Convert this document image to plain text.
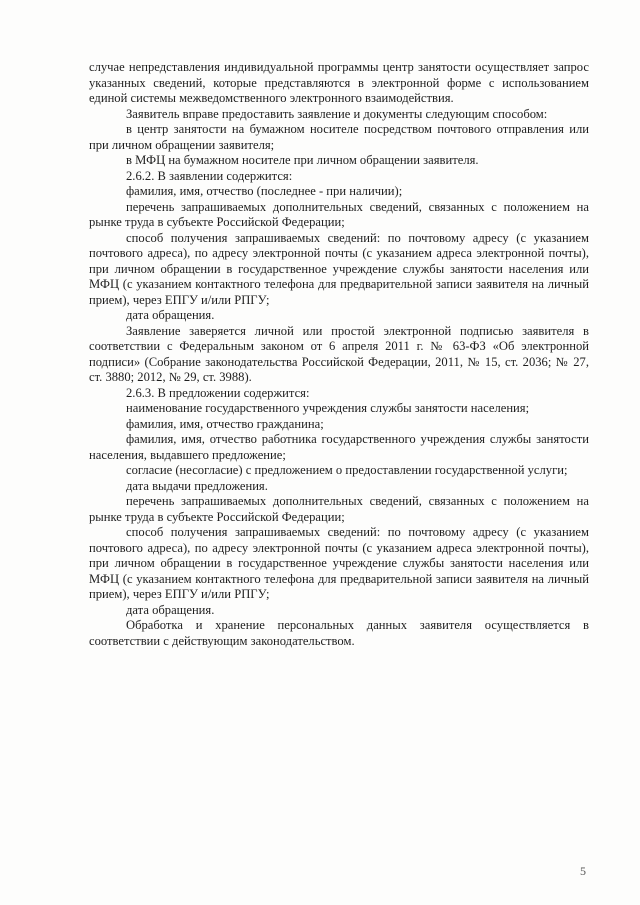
случае непредставления индивидуальной программы центр занятости осуществляет запрос указанных сведений, которые представляются в электронной форме с использованием единой системы межведомственного электронного взаимодействия.

Заявитель вправе предоставить заявление и документы следующим способом:

в центр занятости на бумажном носителе посредством почтового отправления или при личном обращении заявителя;

в МФЦ на бумажном носителе при личном обращении заявителя.

2.6.2. В заявлении содержится:

фамилия, имя, отчество (последнее - при наличии);

перечень запрашиваемых дополнительных сведений, связанных с положением на рынке труда в субъекте Российской Федерации;

способ получения запрашиваемых сведений: по почтовому адресу (с указанием почтового адреса), по адресу электронной почты (с указанием адреса электронной почты), при личном обращении в государственное учреждение службы занятости населения или МФЦ (с указанием контактного телефона для предварительной записи заявителя на личный прием), через ЕПГУ и/или РПГУ;

дата обращения.

Заявление заверяется личной или простой электронной подписью заявителя в соответствии с Федеральным законом от 6 апреля 2011 г. № 63-ФЗ «Об электронной подписи» (Собрание законодательства Российской Федерации, 2011, № 15, ст. 2036; № 27, ст. 3880; 2012, № 29, ст. 3988).

2.6.3. В предложении содержится:

наименование государственного учреждения службы занятости населения;

фамилия, имя, отчество гражданина;

фамилия, имя, отчество работника государственного учреждения службы занятости населения, выдавшего предложение;

согласие (несогласие) с предложением о предоставлении государственной услуги;

дата выдачи предложения.

перечень запрашиваемых дополнительных сведений, связанных с положением на рынке труда в субъекте Российской Федерации;

способ получения запрашиваемых сведений: по почтовому адресу (с указанием почтового адреса), по адресу электронной почты (с указанием адреса электронной почты), при личном обращении в государственное учреждение службы занятости населения или МФЦ (с указанием контактного телефона для предварительной записи заявителя на личный прием), через ЕПГУ и/или РПГУ;

дата обращения.

Обработка и хранение персональных данных заявителя осуществляется в соответствии с действующим законодательством.

5
